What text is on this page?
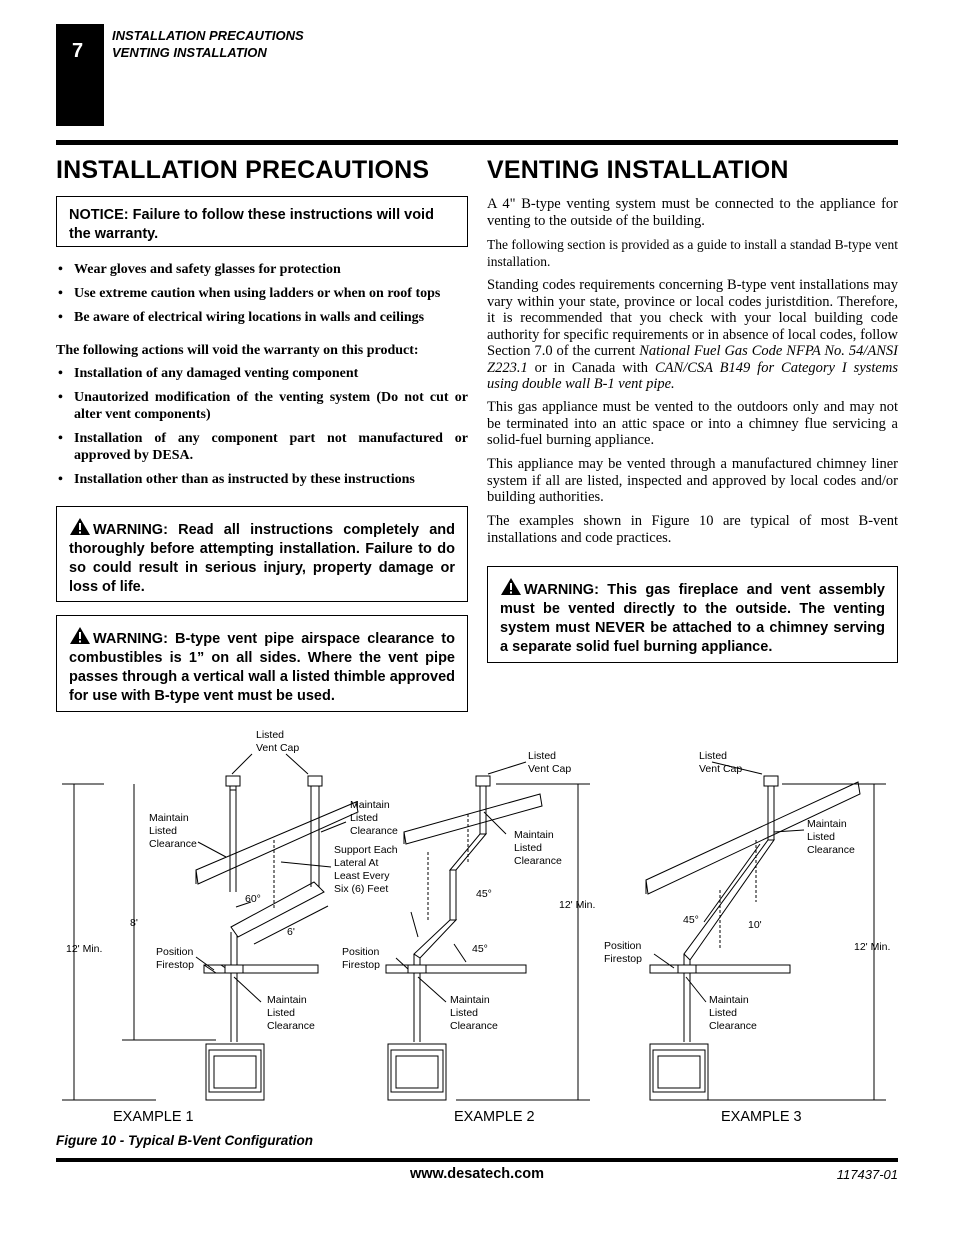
7
INSTALLATION PRECAUTIONS
VENTING INSTALLATION
INSTALLATION PRECAUTIONS
NOTICE: Failure to follow these instructions will void the warranty.
• Wear gloves and safety glasses for protection
• Use extreme caution when using ladders or when on roof tops
• Be aware of electrical wiring locations in walls and ceilings
The following actions will void the warranty on this product:
• Installation of any damaged venting component
• Unautorized modification of the venting system (Do not cut or alter vent components)
• Installation of any component part not manufactured or approved by DESA.
• Installation other than as instructed by these instructions
WARNING: Read all instructions completely and thoroughly before attempting installation. Failure to do so could result in serious injury, property damage or loss of life.
WARNING: B-type vent pipe airspace clearance to combustibles is 1” on all sides. Where the vent pipe passes through a vertical wall a listed thimble approved for use with B-type vent must be used.
VENTING INSTALLATION

A 4" B-type venting system must be connected to the appliance for venting to the outside of the building.

The following section is provided as a guide to install a standad B-type vent installation.

Standing codes requirements concerning B-type vent installations may vary within your state, province or local codes juristdition. Therefore, it is recommended that you check with your local building code authority for specific requirements or in absence of local codes, follow Section 7.0 of the current National Fuel Gas Code NFPA No. 54/ANSI Z223.1 or in Canada with CAN/CSA B149 for Category I systems using double wall B-1 vent pipe.

This gas appliance must be vented to the outdoors only and may not be terminated into an attic space or into a chimney flue servicing a solid-fuel burning appliance.

This appliance may be vented through a manufactured chimney liner system if all are listed, inspected and approved by local codes and/or building authorities.

The examples shown in Figure 10 are typical of most B-vent installations and code practices.

WARNING: This gas fireplace and vent assembly must be vented directly to the outside. The venting system must NEVER be attached to a chimney serving a separate solid fuel burning appliance.
Listed
Vent Cap
Maintain
Listed
Clearance
Maintain
Listed
Clearance
Support Each
Lateral At
Least Every
Six (6) Feet
60°
6'
8'
12' Min.	Position
Firestop
Maintain
Listed
Clearance
Listed
Vent Cap
Maintain
Listed
Clearance
45°
45°
12' Min.
Position
Firestop
Maintain
Listed
Clearance
Listed
Vent Cap
Maintain
Listed
Clearance
45°	10'
12' Min.
Position
Firestop
Maintain
Listed
Clearance
EXAMPLE 1	EXAMPLE 2	EXAMPLE 3
Figure 10 - Typical B-Vent Configuration
www.desatech.com	117437-01
